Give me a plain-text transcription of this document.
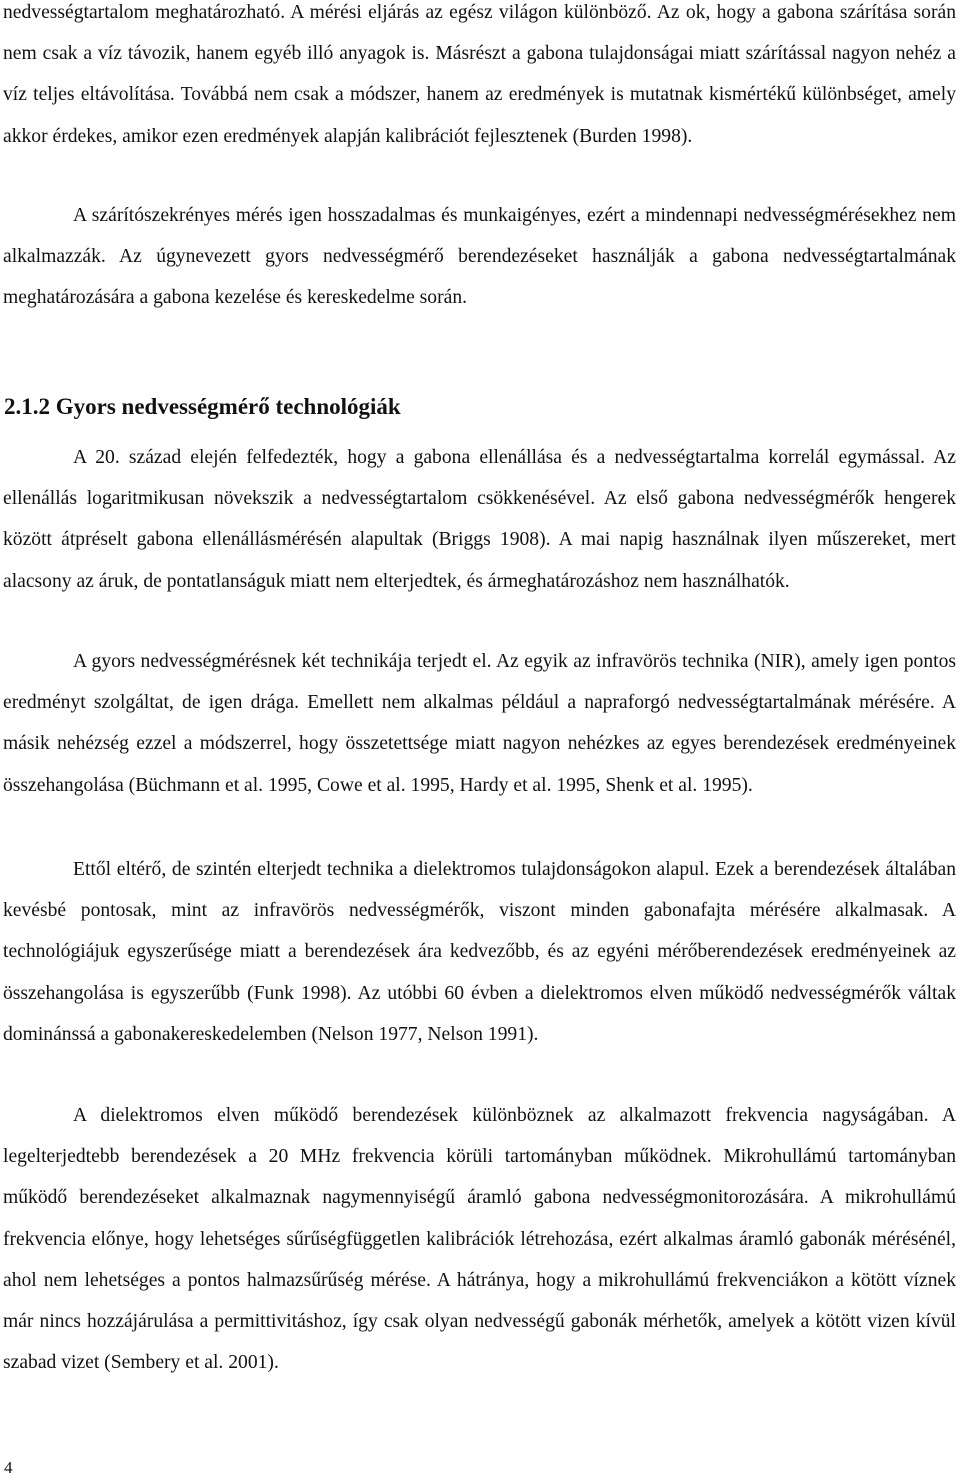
nedvességtartalom meghatározható. A mérési eljárás az egész világon különböző. Az ok, hogy a gabona szárítása során nem csak a víz távozik, hanem egyéb illó anyagok is. Másrészt a gabona tulajdonságai miatt szárítással nagyon nehéz a víz teljes eltávolítása. Továbbá nem csak a módszer, hanem az eredmények is mutatnak kismértékű különbséget, amely akkor érdekes, amikor ezen eredmények alapján kalibrációt fejlesztenek (Burden 1998).

A szárítószekrényes mérés igen hosszadalmas és munkaigényes, ezért a mindennapi nedvességmérésekhez nem alkalmazzák. Az úgynevezett gyors nedvességmérő berendezéseket használják a gabona nedvességtartalmának meghatározására a gabona kezelése és kereskedelme során.

2.1.2 Gyors nedvességmérő technológiák

A 20. század elején felfedezték, hogy a gabona ellenállása és a nedvességtartalma korrelál egymással. Az ellenállás logaritmikusan növekszik a nedvességtartalom csökkenésével. Az első gabona nedvességmérők hengerek között átpréselt gabona ellenállásmérésén alapultak (Briggs 1908). A mai napig használnak ilyen műszereket, mert alacsony az áruk, de pontatlanságuk miatt nem elterjedtek, és ármeghatározáshoz nem használhatók.

A gyors nedvességmérésnek két technikája terjedt el. Az egyik az infravörös technika (NIR), amely igen pontos eredményt szolgáltat, de igen drága. Emellett nem alkalmas például a napraforgó nedvességtartalmának mérésére. A másik nehézség ezzel a módszerrel, hogy összetettsége miatt nagyon nehézkes az egyes berendezések eredményeinek összehangolása (Büchmann et al. 1995, Cowe et al. 1995, Hardy et al. 1995, Shenk et al. 1995).

Ettől eltérő, de szintén elterjedt technika a dielektromos tulajdonságokon alapul. Ezek a berendezések általában kevésbé pontosak, mint az infravörös nedvességmérők, viszont minden gabonafajta mérésére alkalmasak. A technológiájuk egyszerűsége miatt a berendezések ára kedvezőbb, és az egyéni mérőberendezések eredményeinek az összehangolása is egyszerűbb (Funk 1998). Az utóbbi 60 évben a dielektromos elven működő nedvességmérők váltak dominánssá a gabonakereskedelemben (Nelson 1977, Nelson 1991).

A dielektromos elven működő berendezések különböznek az alkalmazott frekvencia nagyságában. A legelterjedtebb berendezések a 20 MHz frekvencia körüli tartományban működnek. Mikrohullámú tartományban működő berendezéseket alkalmaznak nagymennyiségű áramló gabona nedvességmonitorozására. A mikrohullámú frekvencia előnye, hogy lehetséges sűrűségfüggetlen kalibrációk létrehozása, ezért alkalmas áramló gabonák mérésénél, ahol nem lehetséges a pontos halmazsűrűség mérése. A hátránya, hogy a mikrohullámú frekvenciákon a kötött víznek már nincs hozzájárulása a permittivitáshoz, így csak olyan nedvességű gabonák mérhetők, amelyek a kötött vizen kívül szabad vizet (Sembery et al. 2001).

4
